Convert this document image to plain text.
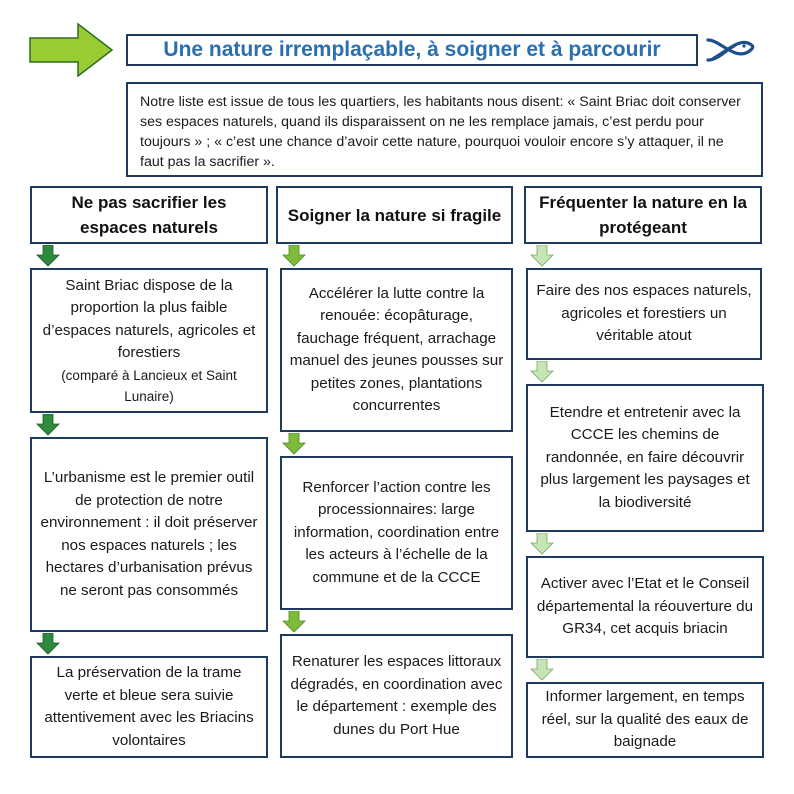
Une nature irremplaçable, à soigner et à parcourir
Notre liste est issue de tous les quartiers, les habitants nous disent: « Saint Briac doit conserver ses espaces naturels, quand ils disparaissent on ne les remplace jamais, c’est perdu pour toujours » ; « c’est une chance d’avoir cette nature, pourquoi vouloir encore s’y attaquer, il ne faut pas la sacrifier ».
Ne pas sacrifier les espaces naturels
Saint Briac dispose de la proportion la plus faible d’espaces naturels, agricoles et forestiers
(comparé à Lancieux et Saint Lunaire)
L’urbanisme est le premier outil de protection de notre environnement : il doit préserver nos espaces naturels ; les hectares d’urbanisation prévus ne seront pas consommés
La préservation de la trame verte et bleue sera suivie attentivement avec les Briacins volontaires
Soigner la nature si fragile
Accélérer la lutte contre la renouée: écopâturage, fauchage fréquent, arrachage manuel des jeunes pousses sur petites zones, plantations concurrentes
Renforcer l’action contre les processionnaires: large information, coordination entre les acteurs à l’échelle de la commune et de la CCCE
Renaturer les espaces littoraux dégradés, en coordination avec le département : exemple des dunes du Port Hue
Fréquenter la nature en la protégeant
Faire des nos espaces naturels, agricoles et forestiers un véritable atout
Etendre et entretenir avec la CCCE les chemins de randonnée, en faire découvrir plus largement les paysages et la biodiversité
Activer avec l’Etat et le Conseil départemental la réouverture du GR34, cet acquis briacin
Informer largement, en temps réel, sur la qualité des eaux de baignade
